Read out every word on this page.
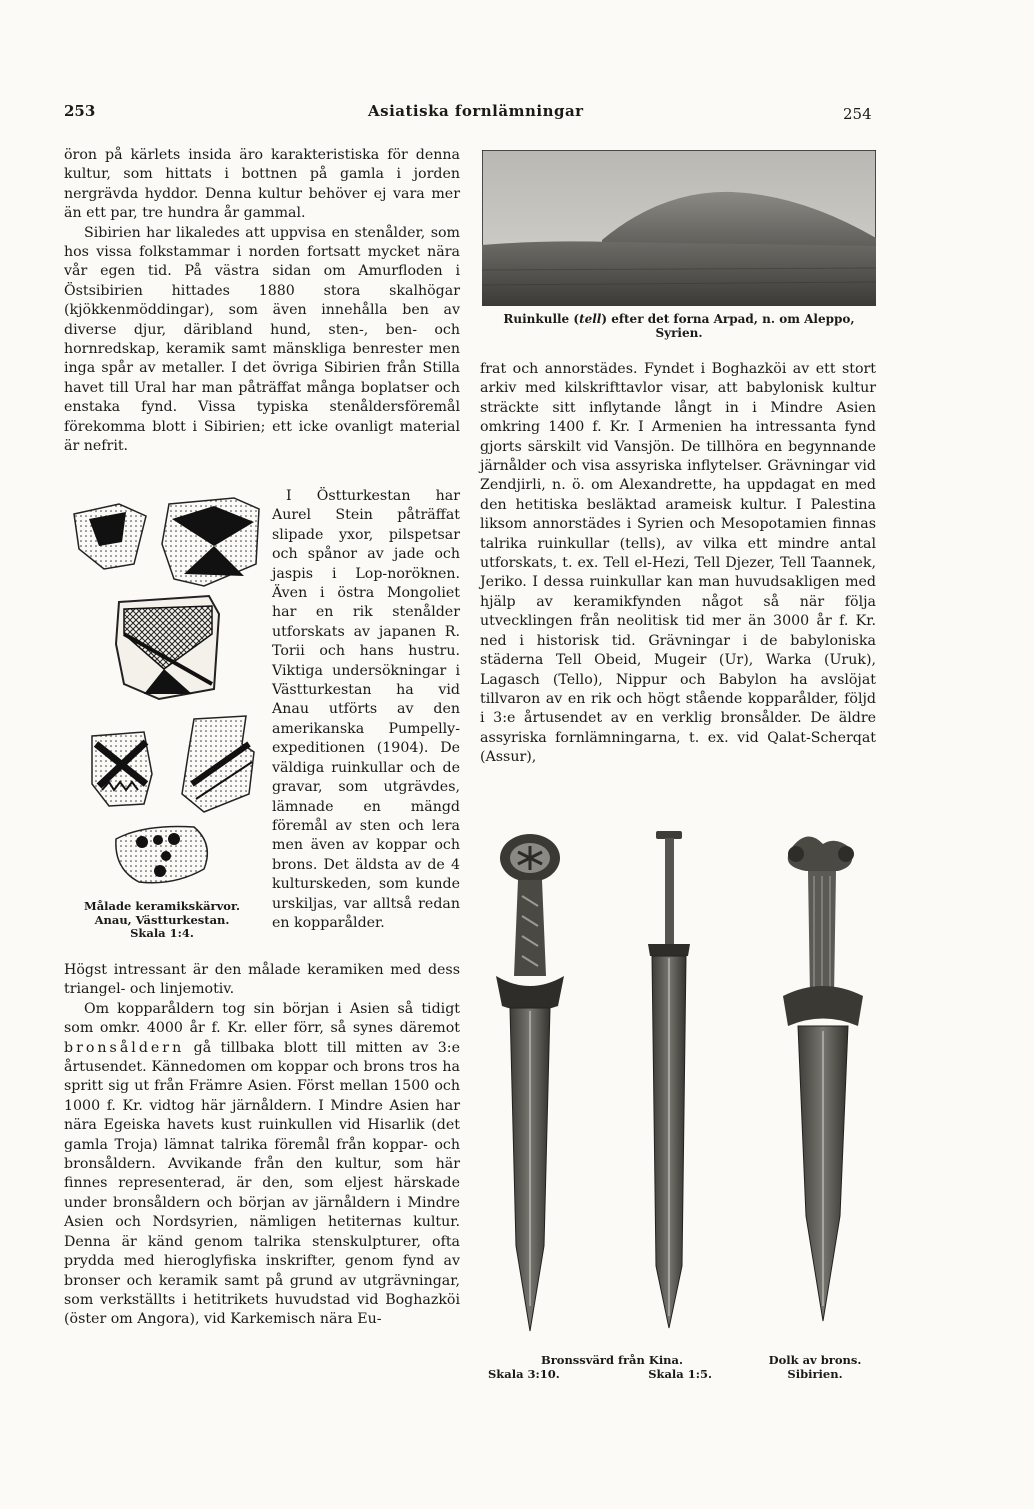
253	Asiatiska fornlämningar	254

öron på kärlets insida äro karakteristiska för denna kultur, som hittats i bottnen på gamla i jorden nergrävda hyddor. Denna kultur behöver ej vara mer än ett par, tre hundra år gammal.

Sibirien har likaledes att uppvisa en stenålder, som hos vissa folkstammar i norden fortsatt mycket nära vår egen tid. På västra sidan om Amurfloden i Östsibirien hittades 1880 stora skalhögar (kjökkenmöddingar), som även innehålla ben av diverse djur, däribland hund, sten-, ben- och hornredskap, keramik samt mänskliga benrester men inga spår av metaller. I det övriga Sibirien från Stilla havet till Ural har man påträffat många boplatser och enstaka fynd. Vissa typiska stenåldersföremål förekomma blott i Sibirien; ett icke ovanligt material är nefrit.

Målade keramikskärvor.
Anau, Västturkestan.
Skala 1:4.

I Östturkestan har Aurel Stein påträffat slipade yxor, pilspetsar och spånor av jade och jaspis i Lop-noröknen. Även i östra Mongoliet har en rik stenålder utforskats av japanen R. Torii och hans hustru. Viktiga undersökningar i Västturkestan ha vid Anau utförts av den amerikanska Pumpelly-expeditionen (1904). De väldiga ruinkullar och de gravar, som utgrävdes, lämnade en mängd föremål av sten och lera men även av koppar och brons. Det äldsta av de 4 kulturskeden, som kunde urskiljas, var alltså redan en kopparålder.

Högst intressant är den målade keramiken med dess triangel- och linjemotiv.

Om kopparåldern tog sin början i Asien så tidigt som omkr. 4000 år f. Kr. eller förr, så synes däremot bronsåldern gå tillbaka blott till mitten av 3:e årtusendet. Kännedomen om koppar och brons tros ha spritt sig ut från Främre Asien. Först mellan 1500 och 1000 f. Kr. vidtog här järnåldern. I Mindre Asien har nära Egeiska havets kust ruinkullen vid Hisarlik (det gamla Troja) lämnat talrika föremål från koppar- och bronsåldern. Avvikande från den kultur, som här finnes representerad, är den, som eljest härskade under bronsåldern och början av järnåldern i Mindre Asien och Nordsyrien, nämligen hetiternas kultur. Denna är känd genom talrika stenskulpturer, ofta prydda med hieroglyfiska inskrifter, genom fynd av bronser och keramik samt på grund av utgrävningar, som verkställts i hetitrikets huvudstad vid Boghazköi (öster om Angora), vid Karkemisch nära Eu-

Ruinkulle (tell) efter det forna Arpad, n. om Aleppo, Syrien.

frat och annorstädes. Fyndet i Boghazköi av ett stort arkiv med kilskrifttavlor visar, att babylonisk kultur sträckte sitt inflytande långt in i Mindre Asien omkring 1400 f. Kr. I Armenien ha intressanta fynd gjorts särskilt vid Vansjön. De tillhöra en begynnande järnålder och visa assyriska inflytelser. Grävningar vid Zendjirli, n. ö. om Alexandrette, ha uppdagat en med den hetitiska besläktad arameisk kultur. I Palestina liksom annorstädes i Syrien och Mesopotamien finnas talrika ruinkullar (tells), av vilka ett mindre antal utforskats, t. ex. Tell el-Hezi, Tell Djezer, Tell Taannek, Jeriko. I dessa ruinkullar kan man huvudsakligen med hjälp av keramikfynden något så när följa utvecklingen från neolitisk tid mer än 3000 år f. Kr. ned i historisk tid. Grävningar i de babyloniska städerna Tell Obeid, Mugeir (Ur), Warka (Uruk), Lagasch (Tello), Nippur och Babylon ha avslöjat tillvaron av en rik och högt stående kopparålder, följd i 3:e årtusendet av en verklig bronsålder. De äldre assyriska fornlämningarna, t. ex. vid Qalat-Scherqat (Assur),

Bronssvärd från Kina.
Skala 3:10.	Skala 1:5.
Dolk av brons.
Sibirien.
